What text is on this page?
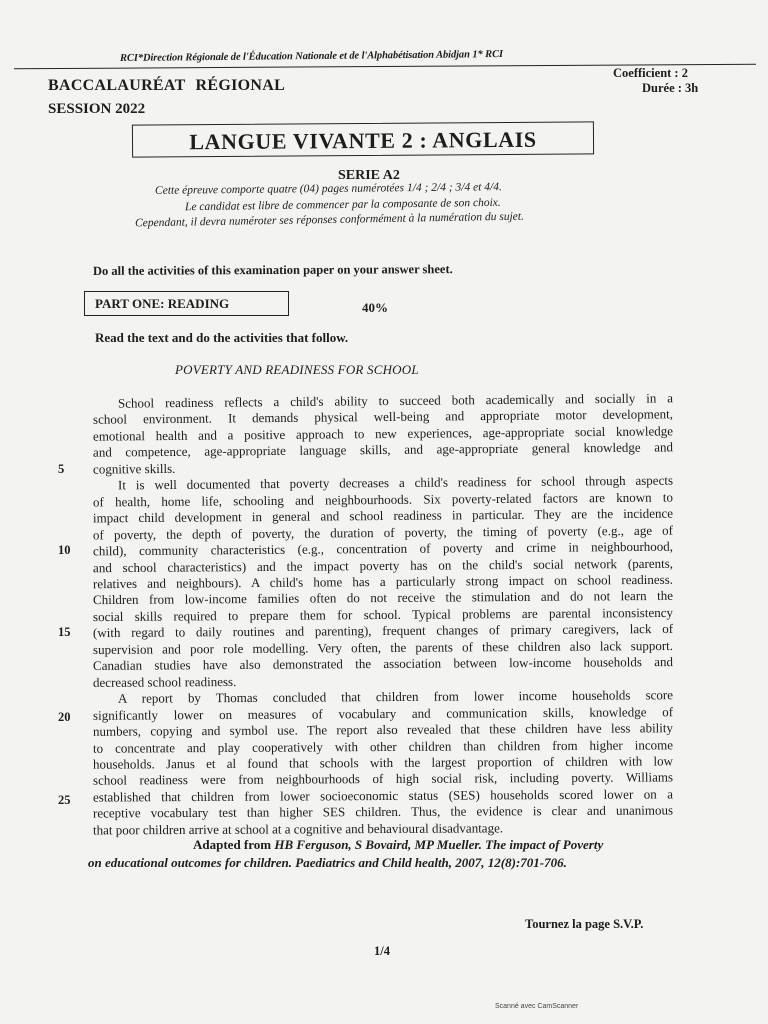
RCI*Direction Régionale de l'Éducation Nationale et de l'Alphabétisation Abidjan 1* RCI
BACCALAURÉAT RÉGIONAL
SESSION 2022
Coefficient : 2
Durée : 3h
LANGUE VIVANTE 2 : ANGLAIS
SERIE A2
Cette épreuve comporte quatre (04) pages numérotées 1/4 ; 2/4 ; 3/4 et 4/4.
Le candidat est libre de commencer par la composante de son choix.
Cependant, il devra numéroter ses réponses conformément à la numération du sujet.
Do all the activities of this examination paper on your answer sheet.
PART ONE: READING	40%
Read the text and do the activities that follow.
POVERTY AND READINESS FOR SCHOOL
School readiness reflects a child's ability to succeed both academically and socially in a
school environment. It demands physical well-being and appropriate motor development,
emotional health and a positive approach to new experiences, age-appropriate social knowledge
and competence, age-appropriate language skills, and age-appropriate general knowledge and
cognitive skills.
It is well documented that poverty decreases a child's readiness for school through aspects
of health, home life, schooling and neighbourhoods. Six poverty-related factors are known to
impact child development in general and school readiness in particular. They are the incidence
of poverty, the depth of poverty, the duration of poverty, the timing of poverty (e.g., age of
child), community characteristics (e.g., concentration of poverty and crime in neighbourhood,
and school characteristics) and the impact poverty has on the child's social network (parents,
relatives and neighbours). A child's home has a particularly strong impact on school readiness.
Children from low-income families often do not receive the stimulation and do not learn the
social skills required to prepare them for school. Typical problems are parental inconsistency
(with regard to daily routines and parenting), frequent changes of primary caregivers, lack of
supervision and poor role modelling. Very often, the parents of these children also lack support.
Canadian studies have also demonstrated the association between low-income households and
decreased school readiness.
A report by Thomas concluded that children from lower income households score
significantly lower on measures of vocabulary and communication skills, knowledge of
numbers, copying and symbol use. The report also revealed that these children have less ability
to concentrate and play cooperatively with other children than children from higher income
households. Janus et al found that schools with the largest proportion of children with low
school readiness were from neighbourhoods of high social risk, including poverty. Williams
established that children from lower socioeconomic status (SES) households scored lower on a
receptive vocabulary test than higher SES children. Thus, the evidence is clear and unanimous
that poor children arrive at school at a cognitive and behavioural disadvantage.
5
10
15
20
25
Adapted from HB Ferguson, S Bovaird, MP Mueller. The impact of Poverty
on educational outcomes for children. Paediatrics and Child health, 2007, 12(8):701-706.
Tournez la page S.V.P.
1/4
Scanné avec CamScanner
